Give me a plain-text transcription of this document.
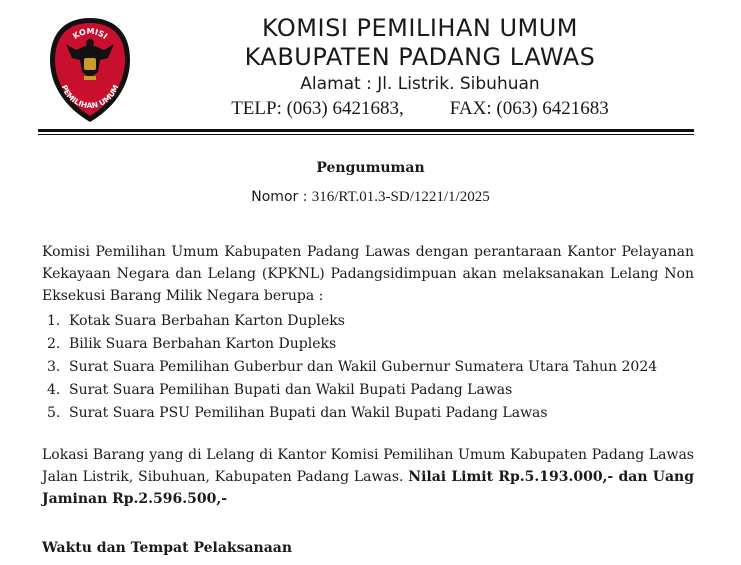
KOMISI
PEMILIHAN UMUM
KOMISI PEMILIHAN UMUM
KABUPATEN PADANG LAWAS
Alamat : Jl. Listrik. Sibuhuan
TELP: (063) 6421683, FAX: (063) 6421683
Pengumuman
Nomor : 316/RT.01.3-SD/1221/1/2025
Komisi Pemilihan Umum Kabupaten Padang Lawas dengan perantaraan Kantor Pelayanan Kekayaan Negara dan Lelang (KPKNL) Padangsidimpuan akan melaksanakan Lelang Non Eksekusi Barang Milik Negara berupa :
1. Kotak Suara Berbahan Karton Dupleks
2. Bilik Suara Berbahan Karton Dupleks
3. Surat Suara Pemilihan Guberbur dan Wakil Gubernur Sumatera Utara Tahun 2024
4. Surat Suara Pemilihan Bupati dan Wakil Bupati Padang Lawas
5. Surat Suara PSU Pemilihan Bupati dan Wakil Bupati Padang Lawas
Lokasi Barang yang di Lelang di Kantor Komisi Pemilihan Umum Kabupaten Padang Lawas Jalan Listrik, Sibuhuan, Kabupaten Padang Lawas. Nilai Limit Rp.5.193.000,- dan Uang Jaminan Rp.2.596.500,-
Waktu dan Tempat Pelaksanaan
